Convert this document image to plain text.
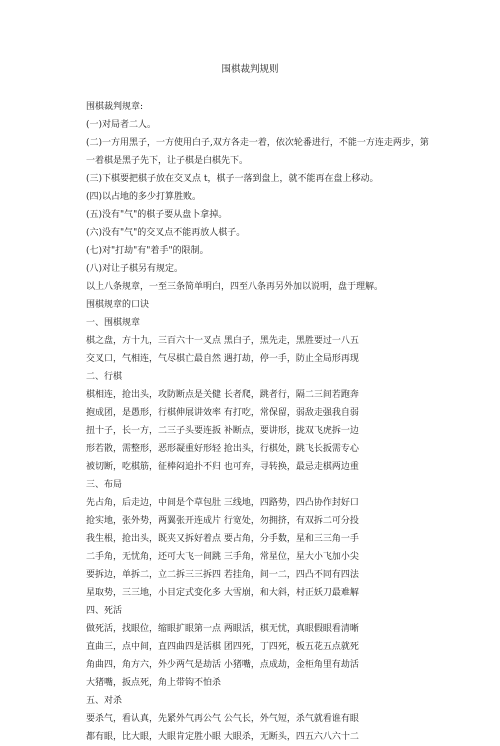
围棋裁判规则
围棋裁判规章:
(一)对局者二人。
(二)一方用黑子，一方使用白子,双方各走一着，依次轮番进行，不能一方连走两步，第
一着棋是黑子先下，让子棋是白棋先下。
(三)下棋要把棋子放在交叉点 t，棋子一落到盘上，就不能再在盘上移动。
(四)以占地的多少打算胜败。
(五)没有"气"的棋子要从盘卜拿掉。
(六)没有"气"的交叉点不能再放人棋子。
(七)对"打劫"有"着手"的限制。
(八)对让子棋另有规定。
以上八条规章，一至三条简单明白，四至八条再另外加以说明，盘于理解。
围棋规章的口诀
一、围棋规章
棋之盘，方十九，三百六十一叉点 黑白子，黑先走，黑胜要过一八五
交叉口，气相连，气尽棋亡最自然 遇打劫，停一手，防止全局形再现
二、行棋
棋相连，抢出头，攻防断点是关健 长者爬，跳者行，隔二三间若跑奔
抱成团，是愚形，行棋伸展讲效率 有打吃，常保留，弱敌走强我自弱
扭十子，长一方，二三子头要连扳 补断点，要讲形，拢双飞虎拆一边
形若散，需整形，恶形凝重好形轻 抢出头，行棋处，跳飞长扳需专心
被切断，吃棋筋，征棒闷追扑不归 也可弃，寻转换，最忌走棋两边重
三、布局
先占角，后走边，中间是个草包肚 三线地，四路势，四凸协作封好口
抢实地，张外势，两翼张开连成片 行宽处，勿拥挤，有双拆二可分投
我生根，抢出头，既夹又拆好着点 要占角，分手数，星和三三角一手
二手角，无忧角，还可大飞一间跳 三手角，常星位，星大小飞加小尖
要拆边，单拆二，立二拆三三拆四 若挂角，间一二，四凸不同有四法
星取势，三三地，小目定式变化多 大雪崩，和大斜，村正妖刀最难解
四、死活
做死活，找眼位，缩眼扩眼第一点 两眼活，棋无忧，真眼假眼看清晰
直曲三，点中间，直四曲四是活棋 团四死，丁四死，板五花五点就死
角曲四，角方六，外少两气是劫活 小猪嘴，点成劫，金柜角里有劫活
大猪嘴，扳点死，角上带钩不怕杀
五、对杀
要杀气，看认真，先紧外气再公气 公气长，外气短，杀气就看谁有眼
都有眼，比大眼，大眼肯定胜小眼 大眼杀，无断头，四五六八六十二
